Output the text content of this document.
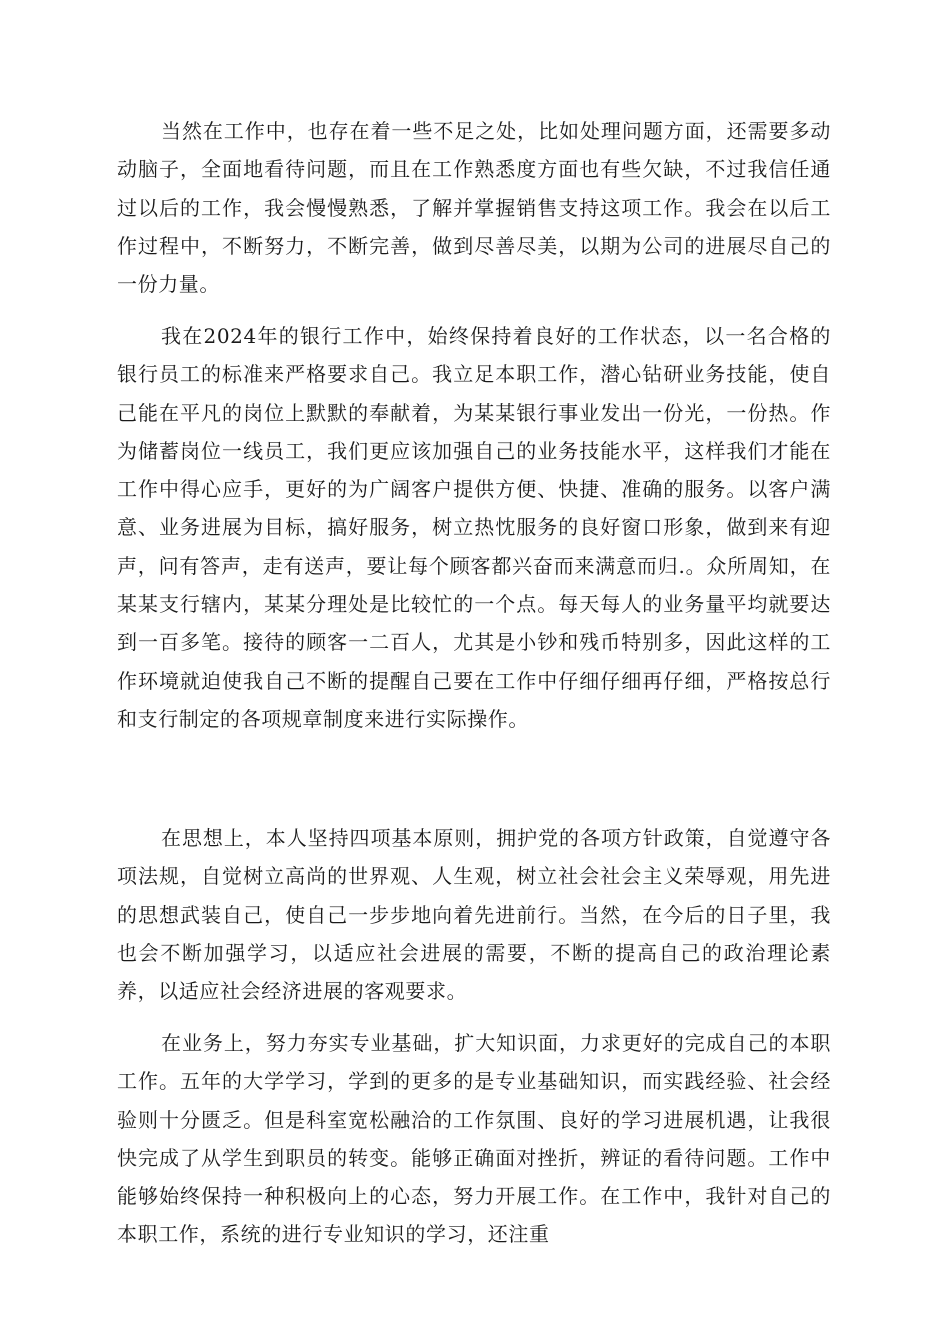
当然在工作中，也存在着一些不足之处，比如处理问题方面，还需要多动动脑子，全面地看待问题，而且在工作熟悉度方面也有些欠缺，不过我信任通过以后的工作，我会慢慢熟悉，了解并掌握销售支持这项工作。我会在以后工作过程中，不断努力，不断完善，做到尽善尽美，以期为公司的进展尽自己的一份力量。

我在2024年的银行工作中，始终保持着良好的工作状态，以一名合格的银行员工的标准来严格要求自己。我立足本职工作，潜心钻研业务技能，使自己能在平凡的岗位上默默的奉献着，为某某银行事业发出一份光，一份热。作为储蓄岗位一线员工，我们更应该加强自己的业务技能水平，这样我们才能在工作中得心应手，更好的为广阔客户提供方便、快捷、准确的服务。以客户满意、业务进展为目标，搞好服务，树立热忱服务的良好窗口形象，做到来有迎声，问有答声，走有送声，要让每个顾客都兴奋而来满意而归.。众所周知，在某某支行辖内，某某分理处是比较忙的一个点。每天每人的业务量平均就要达到一百多笔。接待的顾客一二百人，尤其是小钞和残币特别多，因此这样的工作环境就迫使我自己不断的提醒自己要在工作中仔细仔细再仔细，严格按总行和支行制定的各项规章制度来进行实际操作。

在思想上，本人坚持四项基本原则，拥护党的各项方针政策，自觉遵守各项法规，自觉树立高尚的世界观、人生观，树立社会社会主义荣辱观，用先进的思想武装自己，使自己一步步地向着先进前行。当然，在今后的日子里，我也会不断加强学习，以适应社会进展的需要，不断的提高自己的政治理论素养，以适应社会经济进展的客观要求。

在业务上，努力夯实专业基础，扩大知识面，力求更好的完成自己的本职工作。五年的大学学习，学到的更多的是专业基础知识，而实践经验、社会经验则十分匮乏。但是科室宽松融洽的工作氛围、良好的学习进展机遇，让我很快完成了从学生到职员的转变。能够正确面对挫折，辨证的看待问题。工作中能够始终保持一种积极向上的心态，努力开展工作。在工作中，我针对自己的本职工作，系统的进行专业知识的学习，还注重
